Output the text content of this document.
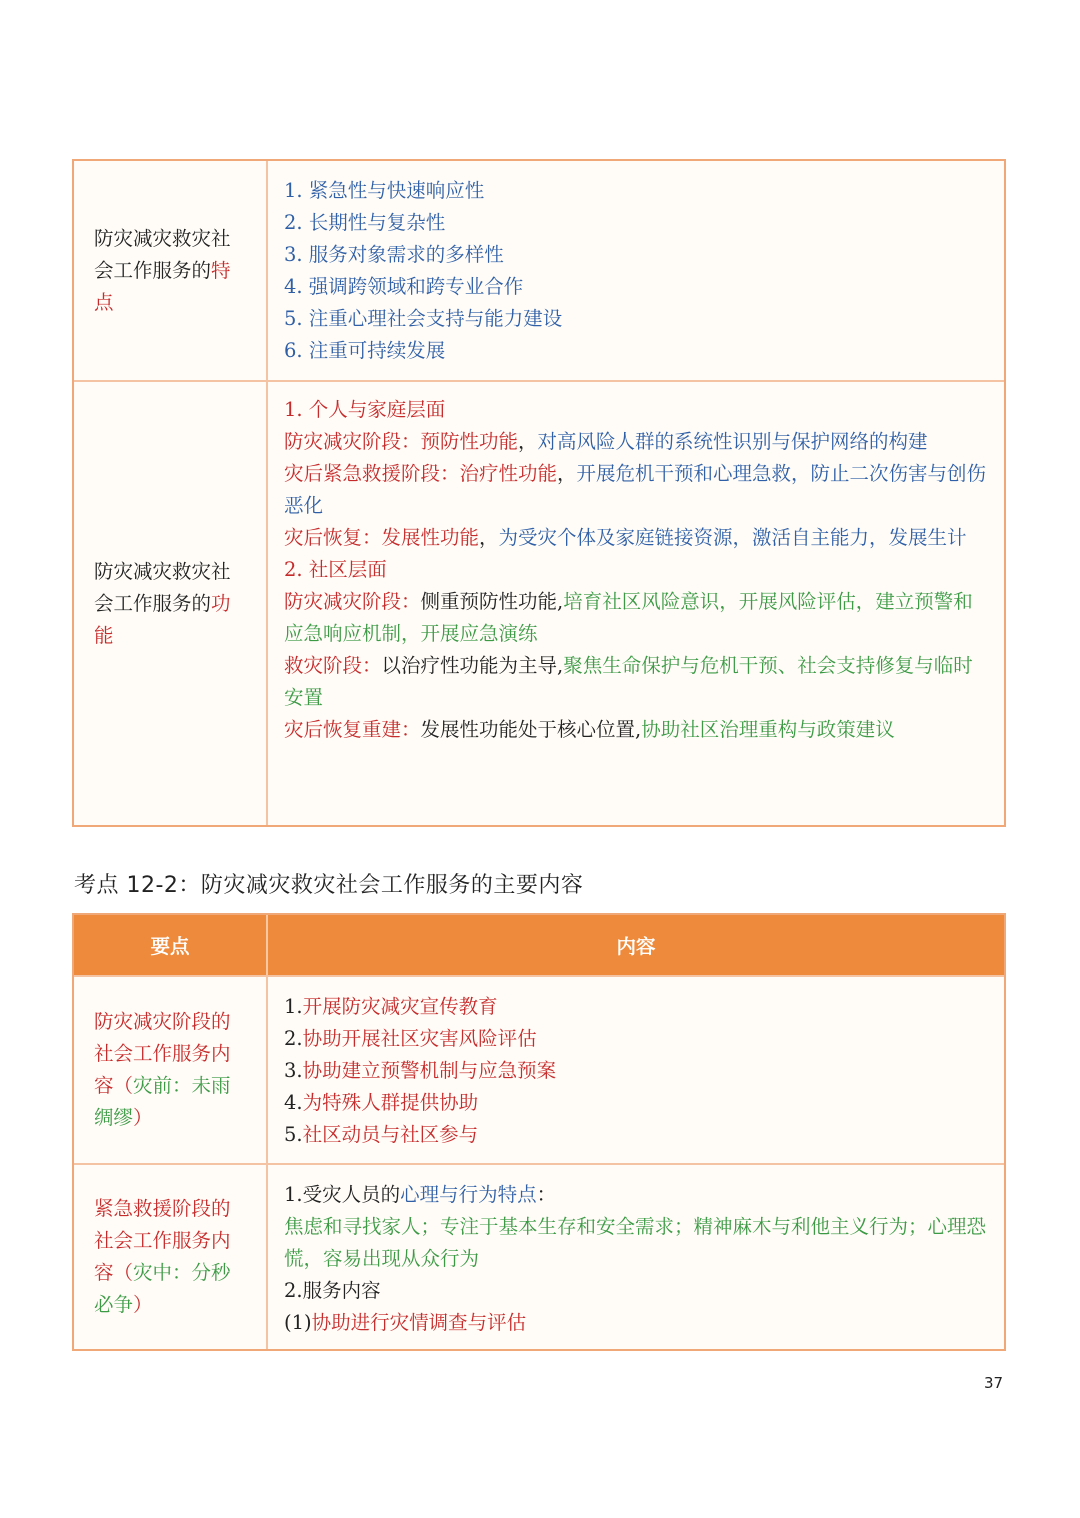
防灾减灾救灾社会工作服务的特点
1. 紧急性与快速响应性
2. 长期性与复杂性
3. 服务对象需求的多样性
4. 强调跨领域和跨专业合作
5. 注重心理社会支持与能力建设
6. 注重可持续发展
防灾减灾救灾社会工作服务的功能
1. 个人与家庭层面
防灾减灾阶段：预防性功能，对高风险人群的系统性识别与保护网络的构建
灾后紧急救援阶段：治疗性功能，开展危机干预和心理急救，防止二次伤害与创伤恶化
灾后恢复：发展性功能，为受灾个体及家庭链接资源，激活自主能力，发展生计
2. 社区层面
防灾减灾阶段：侧重预防性功能,培育社区风险意识，开展风险评估，建立预警和应急响应机制，开展应急演练
救灾阶段：以治疗性功能为主导,聚焦生命保护与危机干预、社会支持修复与临时安置
灾后恢复重建：发展性功能处于核心位置,协助社区治理重构与政策建议
考点 12-2：防灾减灾救灾社会工作服务的主要内容
要点	内容
防灾减灾阶段的社会工作服务内容（灾前：未雨绸缪）
1.开展防灾减灾宣传教育
2.协助开展社区灾害风险评估
3.协助建立预警机制与应急预案
4.为特殊人群提供协助
5.社区动员与社区参与
紧急救援阶段的社会工作服务内容（灾中：分秒必争）
1.受灾人员的心理与行为特点：
焦虑和寻找家人；专注于基本生存和安全需求；精神麻木与利他主义行为；心理恐慌，容易出现从众行为
2.服务内容
(1)协助进行灾情调查与评估
37
